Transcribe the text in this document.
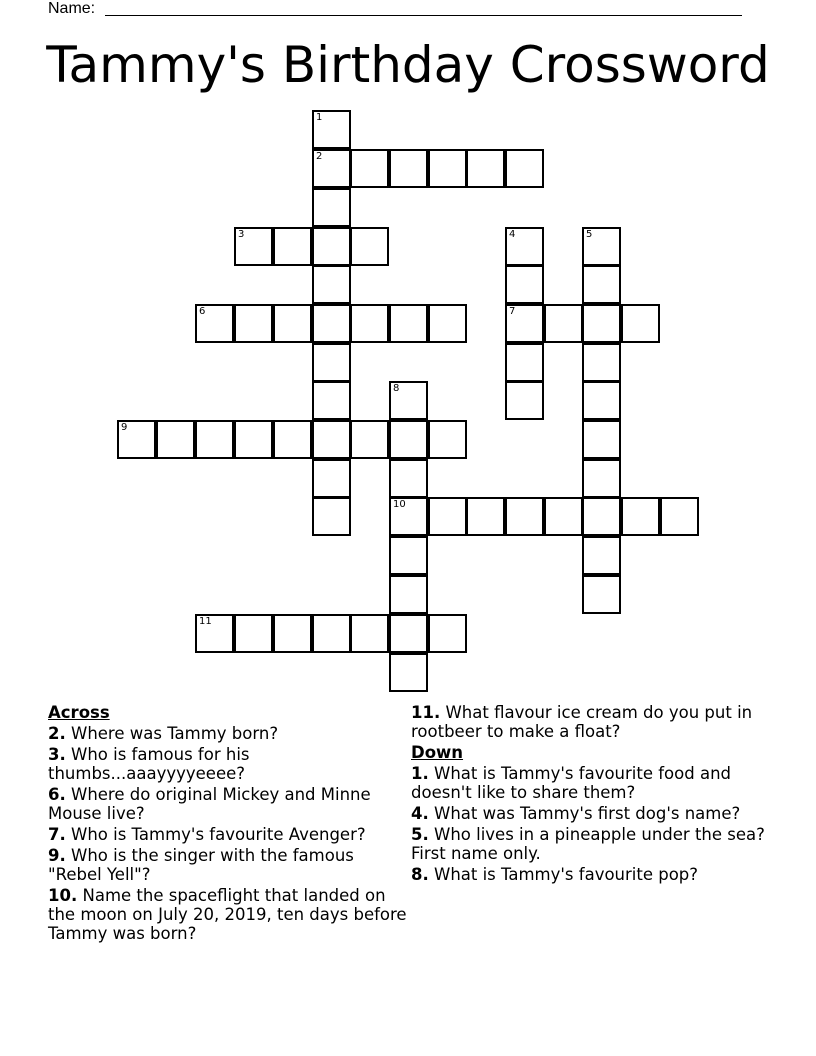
Name:
Tammy's Birthday Crossword
1
2
3	4
7
5
6
8
10
9
11
Across
2. Where was Tammy born?
3. Who is famous for his thumbs...aaayyyyeeee?
6. Where do original Mickey and Minne Mouse live?
7. Who is Tammy's favourite Avenger?
9. Who is the singer with the famous "Rebel Yell"?
10. Name the spaceflight that landed on the moon on July 20, 2019, ten days before Tammy was born?
11. What flavour ice cream do you put in rootbeer to make a float?
Down
1. What is Tammy's favourite food and doesn't like to share them?
4. What was Tammy's first dog's name?
5. Who lives in a pineapple under the sea? First name only.
8. What is Tammy's favourite pop?
